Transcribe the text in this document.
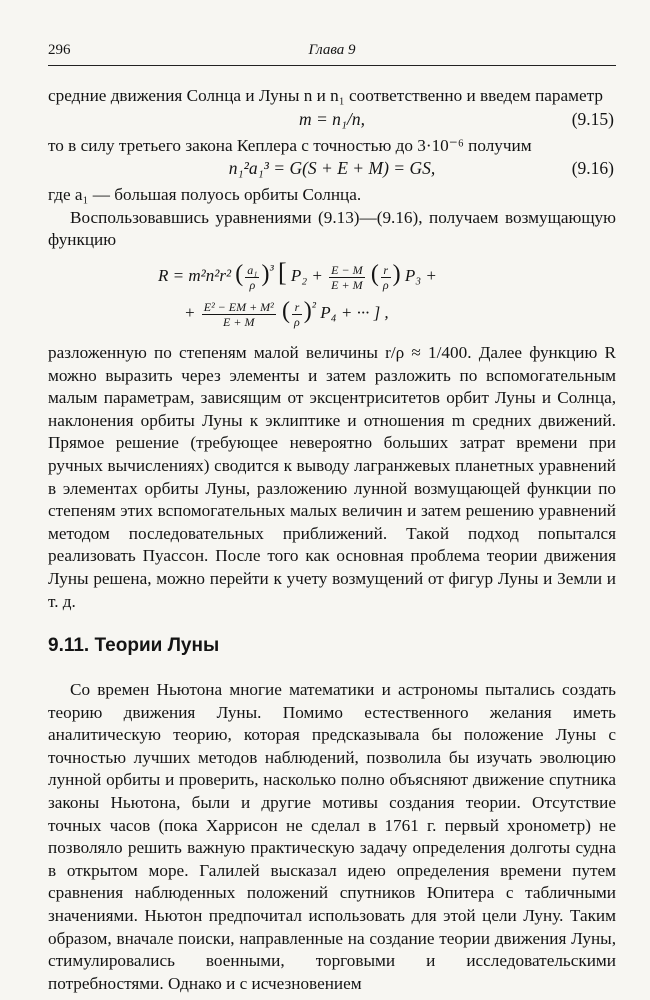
296	Глава 9

средние движения Солнца и Луны n и n₁ соответственно и введем параметр

m = n₁/n,	(9.15)

то в силу третьего закона Кеплера с точностью до 3·10⁻⁶ получим

n₁²a₁³ = G(S + E + M) = GS,	(9.16)

где a₁ — большая полуось орбиты Солнца.

Воспользовавшись уравнениями (9.13)—(9.16), получаем возмущающую функцию

R = m²n²r² ( $\frac{\text{a₁}}{\rho} )^{^3}$ [ $P_2 + \frac{E - M}{E + M}$ ( $\frac{r}{\rho}$ ) P₃ +
+ $\frac{\text{E² − EM + M²}}{E + M}$ ( $\frac{r}{\rho} )^{^2}$ P₄ + ··· ] ,

разложенную по степеням малой величины r/ρ ≈ 1/400. Далее функцию R можно выразить через элементы и затем разложить по вспомогательным малым параметрам, зависящим от эксцентриситетов орбит Луны и Солнца, наклонения орбиты Луны к эклиптике и отношения m средних движений. Прямое решение (требующее невероятно больших затрат времени при ручных вычислениях) сводится к выводу лагранжевых планетных уравнений в элементах орбиты Луны, разложению лунной возмущающей функции по степеням этих вспомогательных малых величин и затем решению уравнений методом последовательных приближений. Такой подход попытался реализовать Пуассон. После того как основная проблема теории движения Луны решена, можно перейти к учету возмущений от фигур Луны и Земли и т. д.

9.11. Теории Луны

Со времен Ньютона многие математики и астрономы пытались создать теорию движения Луны. Помимо естественного желания иметь аналитическую теорию, которая предсказывала бы положение Луны с точностью лучших методов наблюдений, позволила бы изучать эволюцию лунной орбиты и проверить, насколько полно объясняют движение спутника законы Ньютона, были и другие мотивы создания теории. Отсутствие точных часов (пока Харрисон не сделал в 1761 г. первый хронометр) не позволяло решить важную практическую задачу определения долготы судна в открытом море. Галилей высказал идею определения времени путем сравнения наблюденных положений спутников Юпитера с табличными значениями. Ньютон предпочитал использовать для этой цели Луну. Таким образом, вначале поиски, направленные на создание теории движения Луны, стимулировались военными, торговыми и исследовательскими потребностями. Однако и с исчезновением
